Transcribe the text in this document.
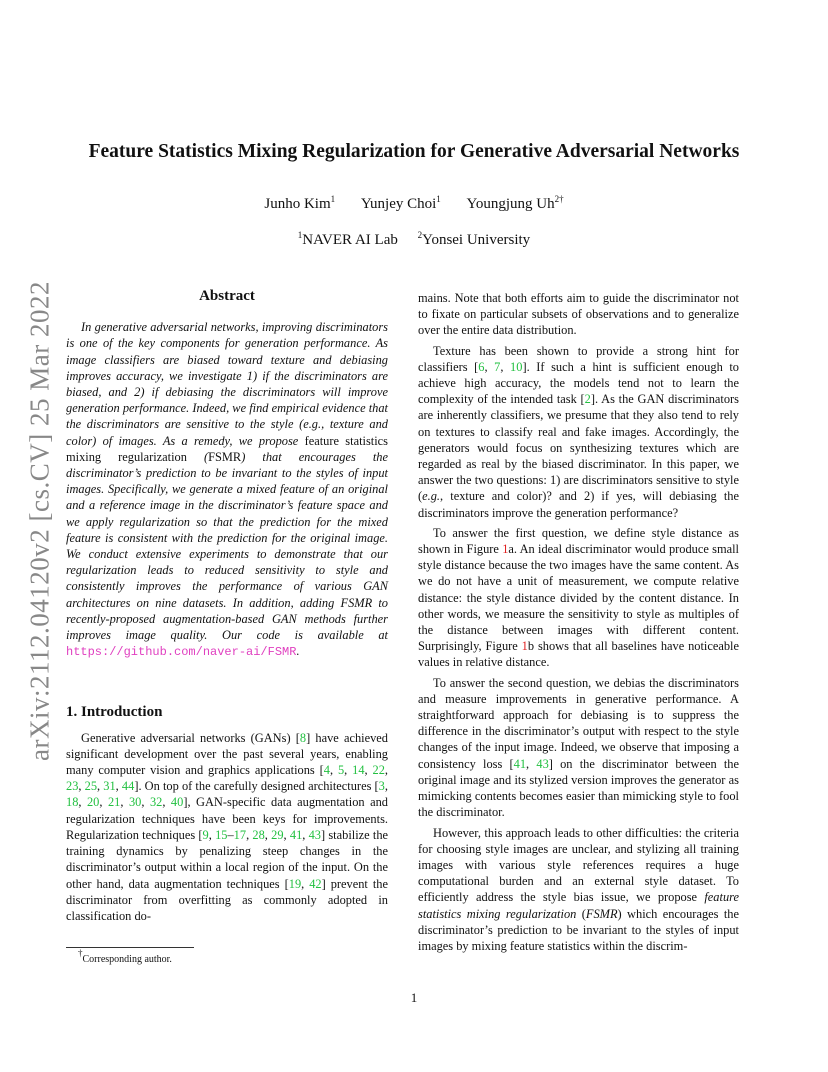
arXiv:2112.04120v2 [cs.CV] 25 Mar 2022
Feature Statistics Mixing Regularization for Generative Adversarial Networks
Junho Kim$^1$ Yunjey Choi$^1$ Youngjung $Uh^{2\dagger}$
$^1$NAVER AI Lab $^2$Yonsei University
Abstract

In generative adversarial networks, improving discriminators is one of the key components for generation performance. As image classifiers are biased toward texture and debiasing improves accuracy, we investigate 1) if the discriminators are biased, and 2) if debiasing the discriminators will improve generation performance. Indeed, we find empirical evidence that the discriminators are sensitive to the style (e.g., texture and color) of images. As a remedy, we propose feature statistics mixing regularization (FSMR) that encourages the discriminator’s prediction to be invariant to the styles of input images. Specifically, we generate a mixed feature of an original and a reference image in the discriminator’s feature space and we apply regularization so that the prediction for the mixed feature is consistent with the prediction for the original image. We conduct extensive experiments to demonstrate that our regularization leads to reduced sensitivity to style and consistently improves the performance of various GAN architectures on nine datasets. In addition, adding FSMR to recently-proposed augmentation-based GAN methods further improves image quality. Our code is available at https://github.com/naver-ai/FSMR.

1. Introduction

Generative adversarial networks (GANs) [8] have achieved significant development over the past several years, enabling many computer vision and graphics applications [4, 5, 14, 22, 23, 25, 31, 44]. On top of the carefully designed architectures [3, 18, 20, 21, 30, 32, 40], GAN-specific data augmentation and regularization techniques have been keys for improvements. Regularization techniques [9, 15–17, 28, 29, 41, 43] stabilize the training dynamics by penalizing steep changes in the discriminator’s output within a local region of the input. On the other hand, data augmentation techniques [19, 42] prevent the discriminator from overfitting as commonly adopted in classification do-

mains. Note that both efforts aim to guide the discriminator not to fixate on particular subsets of observations and to generalize over the entire data distribution.

Texture has been shown to provide a strong hint for classifiers [6, 7, 10]. If such a hint is sufficient enough to achieve high accuracy, the models tend not to learn the complexity of the intended task [2]. As the GAN discriminators are inherently classifiers, we presume that they also tend to rely on textures to classify real and fake images. Accordingly, the generators would focus on synthesizing textures which are regarded as real by the biased discriminator. In this paper, we answer the two questions: 1) are discriminators sensitive to style (e.g., texture and color)? and 2) if yes, will debiasing the discriminators improve the generation performance?

To answer the first question, we define style distance as shown in Figure 1a. An ideal discriminator would produce small style distance because the two images have the same content. As we do not have a unit of measurement, we compute relative distance: the style distance divided by the content distance. In other words, we measure the sensitivity to style as multiples of the distance between images with different content. Surprisingly, Figure 1b shows that all baselines have noticeable values in relative distance.

To answer the second question, we debias the discriminators and measure improvements in generative performance. A straightforward approach for debiasing is to suppress the difference in the discriminator’s output with respect to the style changes of the input image. Indeed, we observe that imposing a consistency loss [41, 43] on the discriminator between the original image and its stylized version improves the generator as mimicking contents becomes easier than mimicking style to fool the discriminator.

However, this approach leads to other difficulties: the criteria for choosing style images are unclear, and stylizing all training images with various style references requires a huge computational burden and an external style dataset. To efficiently address the style bias issue, we propose feature statistics mixing regularization (FSMR) which encourages the discriminator’s prediction to be invariant to the styles of input images by mixing feature statistics within the discrim-

†Corresponding author.
1
